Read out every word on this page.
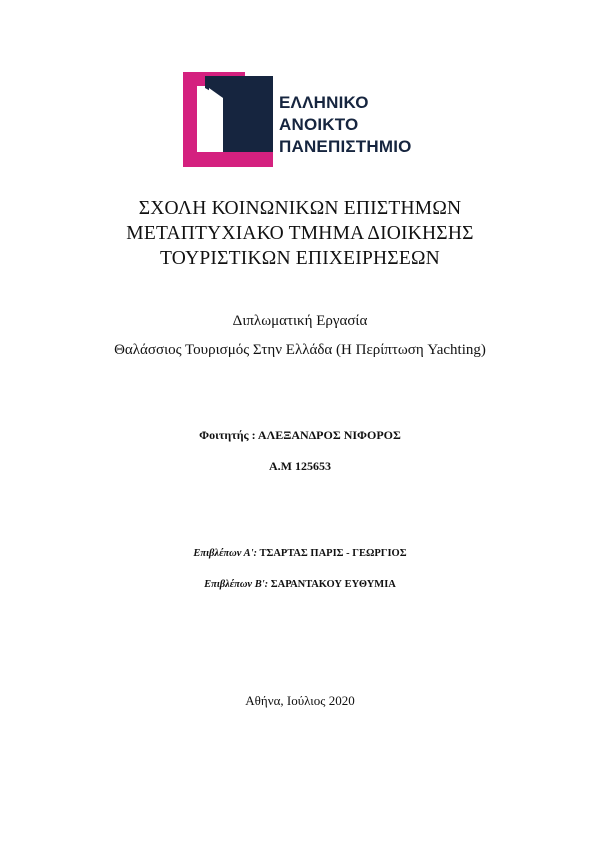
ΕΛΛΗΝΙΚΟ
ΑΝΟΙΚΤΟ
ΠΑΝΕΠΙΣΤΗΜΙΟ
ΣΧΟΛΗ ΚΟΙΝΩΝΙΚΩΝ ΕΠΙΣΤΗΜΩΝ
ΜΕΤΑΠΤΥΧΙΑΚΟ ΤΜΗΜΑ ΔΙΟΙΚΗΣΗΣ
ΤΟΥΡΙΣΤΙΚΩΝ ΕΠΙΧΕΙΡΗΣΕΩΝ
Διπλωματική Εργασία
Θαλάσσιος Τουρισμός Στην Ελλάδα (Η Περίπτωση Yachting)
Φοιτητής : ΑΛΕΞΑΝΔΡΟΣ ΝΙΦΟΡΟΣ
Α.Μ 125653
Επιβλέπων Α': ΤΣΑΡΤΑΣ ΠΑΡΙΣ - ΓΕΩΡΓΙΟΣ
Επιβλέπων Β': ΣΑΡΑΝΤΑΚΟΥ ΕΥΘΥΜΙΑ
Αθήνα, Ιούλιος 2020
